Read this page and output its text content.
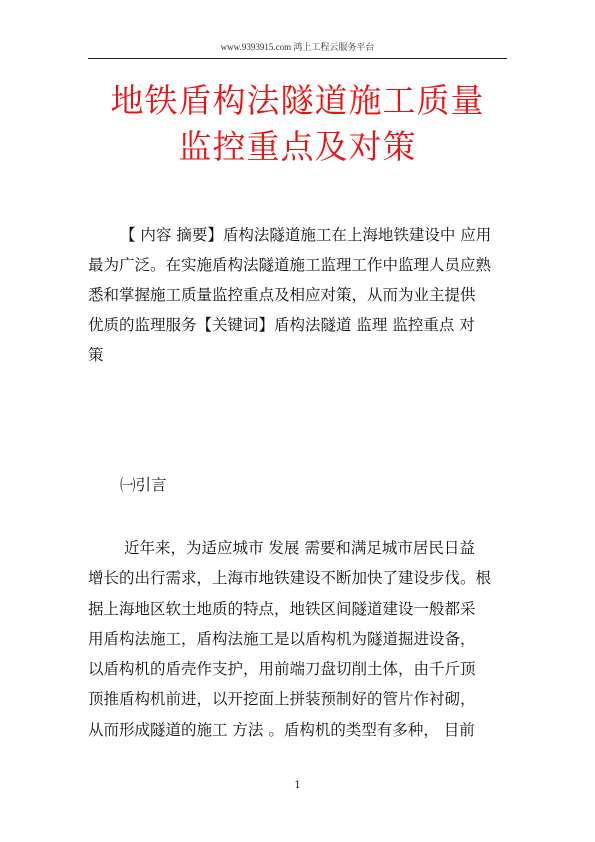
www.9393915.com 鸿上工程云服务平台
地铁盾构法隧道施工质量
监控重点及对策
【 内容 摘要】盾构法隧道施工在上海地铁建设中 应用
最为广泛。在实施盾构法隧道施工监理工作中监理人员应熟
悉和掌握施工质量监控重点及相应对策，从而为业主提供
优质的监理服务【关键词】盾构法隧道 监理 监控重点 对
策
㈠引言
近年来，为适应城市 发展 需要和满足城市居民日益
增长的出行需求，上海市地铁建设不断加快了建设步伐。根
据上海地区软土地质的特点，地铁区间隧道建设一般都采
用盾构法施工，盾构法施工是以盾构机为隧道掘进设备，
以盾构机的盾壳作支护，用前端刀盘切削土体，由千斤顶
顶推盾构机前进，以开挖面上拼装预制好的管片作衬砌，
从而形成隧道的施工 方法 。盾构机的类型有多种， 目前
1
